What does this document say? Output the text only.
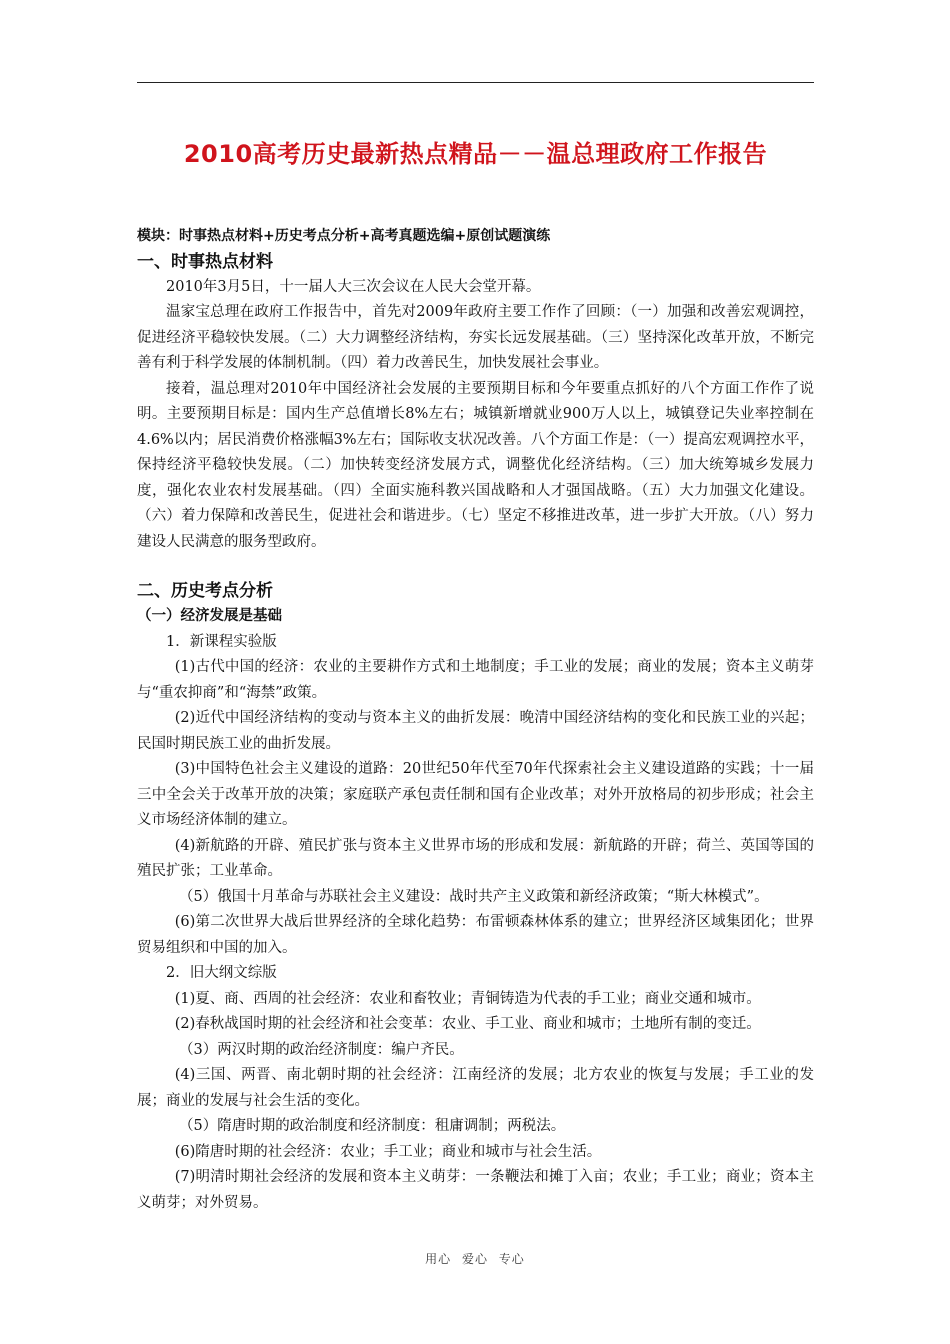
2010高考历史最新热点精品－－温总理政府工作报告
模块：时事热点材料+历史考点分析+高考真题选编+原创试题演练
一、时事热点材料

2010年3月5日，十一届人大三次会议在人民大会堂开幕。

温家宝总理在政府工作报告中，首先对2009年政府主要工作作了回顾：（一）加强和改善宏观调控，促进经济平稳较快发展。（二）大力调整经济结构，夯实长远发展基础。（三）坚持深化改革开放，不断完善有利于科学发展的体制机制。（四）着力改善民生，加快发展社会事业。

接着，温总理对2010年中国经济社会发展的主要预期目标和今年要重点抓好的八个方面工作作了说明。主要预期目标是：国内生产总值增长8%左右；城镇新增就业900万人以上，城镇登记失业率控制在4.6%以内；居民消费价格涨幅3%左右；国际收支状况改善。八个方面工作是：（一）提高宏观调控水平，保持经济平稳较快发展。（二）加快转变经济发展方式，调整优化经济结构。（三）加大统筹城乡发展力度，强化农业农村发展基础。（四）全面实施科教兴国战略和人才强国战略。（五）大力加强文化建设。（六）着力保障和改善民生，促进社会和谐进步。（七）坚定不移推进改革，进一步扩大开放。（八）努力建设人民满意的服务型政府。

二、历史考点分析
（一）经济发展是基础

1．新课程实验版

(1)古代中国的经济：农业的主要耕作方式和土地制度；手工业的发展；商业的发展；资本主义萌芽与“重农抑商”和“海禁”政策。

(2)近代中国经济结构的变动与资本主义的曲折发展：晚清中国经济结构的变化和民族工业的兴起；民国时期民族工业的曲折发展。

(3)中国特色社会主义建设的道路：20世纪50年代至70年代探索社会主义建设道路的实践；十一届三中全会关于改革开放的决策；家庭联产承包责任制和国有企业改革；对外开放格局的初步形成；社会主义市场经济体制的建立。

(4)新航路的开辟、殖民扩张与资本主义世界市场的形成和发展：新航路的开辟；荷兰、英国等国的殖民扩张；工业革命。

（5）俄国十月革命与苏联社会主义建设：战时共产主义政策和新经济政策；“斯大林模式”。

(6)第二次世界大战后世界经济的全球化趋势：布雷顿森林体系的建立；世界经济区域集团化；世界贸易组织和中国的加入。

2．旧大纲文综版

(1)夏、商、西周的社会经济：农业和畜牧业；青铜铸造为代表的手工业；商业交通和城市。

(2)春秋战国时期的社会经济和社会变革：农业、手工业、商业和城市；土地所有制的变迁。

（3）两汉时期的政治经济制度：编户齐民。

(4)三国、两晋、南北朝时期的社会经济：江南经济的发展；北方农业的恢复与发展；手工业的发展；商业的发展与社会生活的变化。

（5）隋唐时期的政治制度和经济制度：租庸调制；两税法。

(6)隋唐时期的社会经济：农业；手工业；商业和城市与社会生活。

(7)明清时期社会经济的发展和资本主义萌芽：一条鞭法和摊丁入亩；农业；手工业；商业；资本主义萌芽；对外贸易。

用心 爱心 专心
